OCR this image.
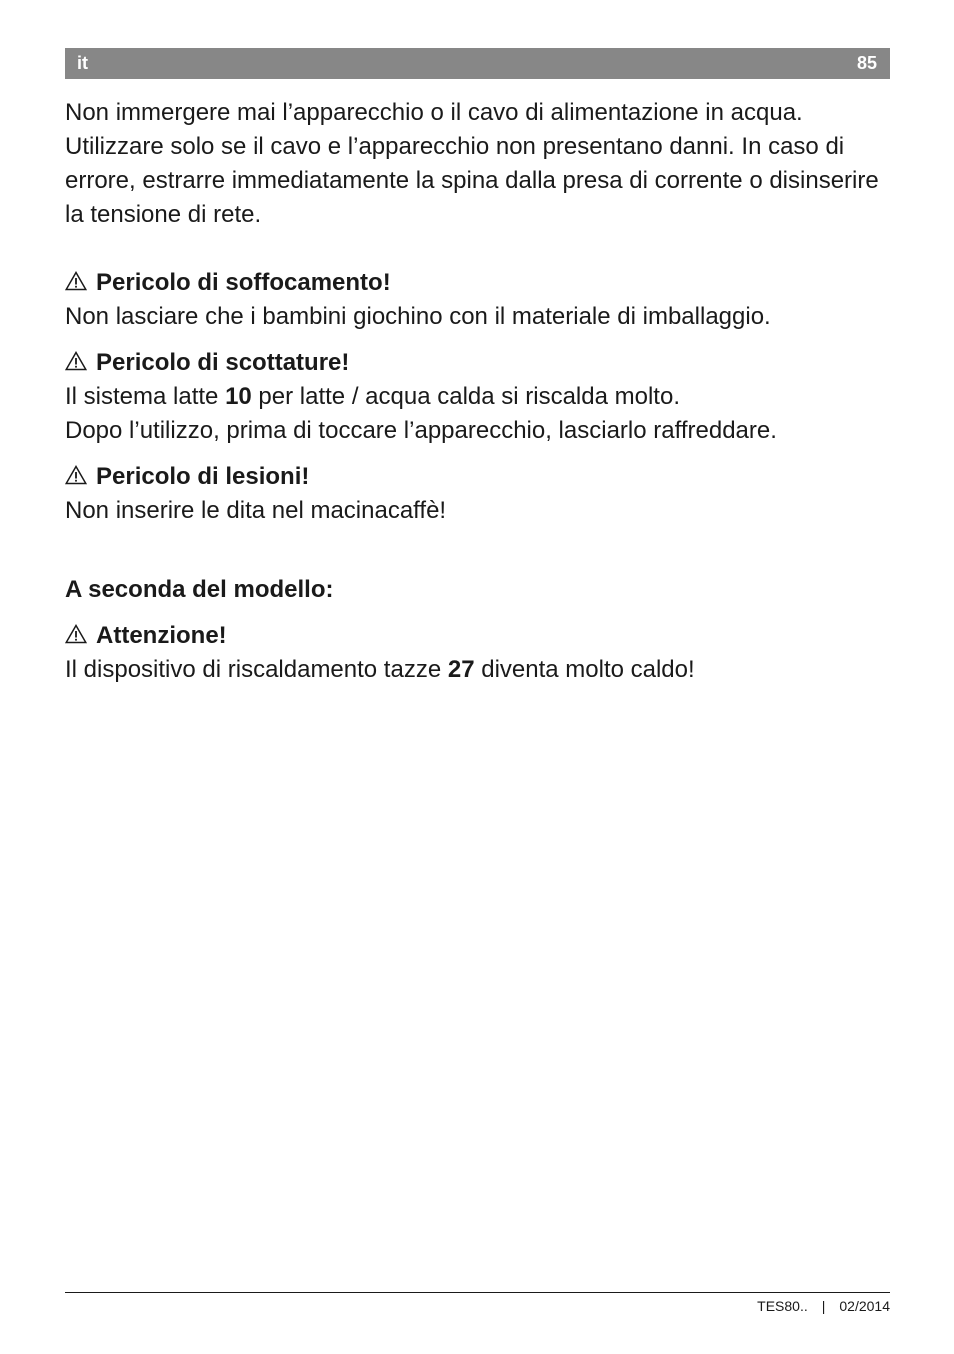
it	85

Non immergere mai l’apparecchio o il cavo di alimentazione in acqua. Utilizzare solo se il cavo e l’apparecchio non presentano danni. In caso di errore, estrarre immediatamente la spina dalla presa di corrente o disinserire la tensione di rete.

Pericolo di soffocamento!

Non lasciare che i bambini giochino con il materiale di imballaggio.

Pericolo di scottature!

Il sistema latte 10 per latte / acqua calda si riscalda molto.

Dopo l’utilizzo, prima di toccare l’apparecchio, lasciarlo raffreddare.

Pericolo di lesioni!

Non inserire le dita nel macinacaffè!

A seconda del modello:

Attenzione!

Il dispositivo di riscaldamento tazze 27 diventa molto caldo!

TES80.. | 02/2014
